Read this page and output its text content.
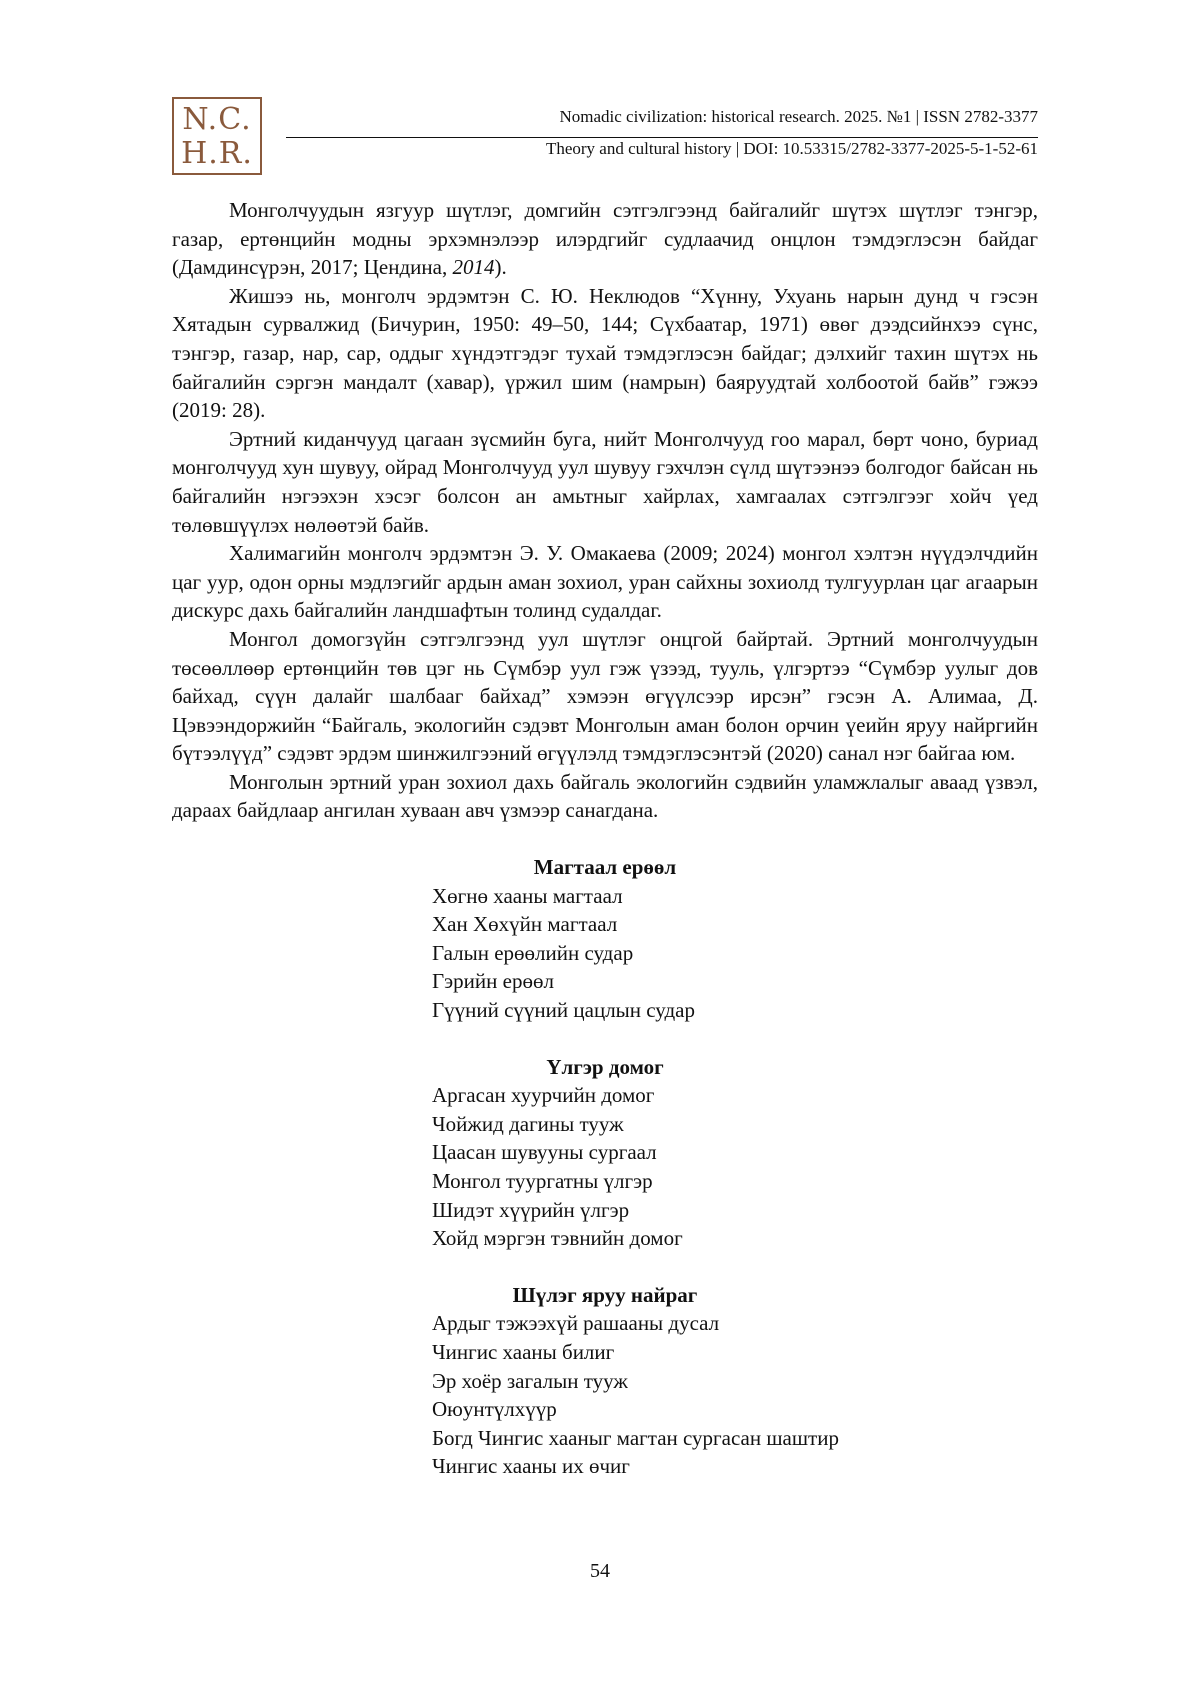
N.C.
H.R.
Nomadic civilization: historical research. 2025. №1 | ISSN 2782-3377
Theory and cultural history | DOI: 10.53315/2782-3377-2025-5-1-52-61

Монголчуудын язгуур шүтлэг, домгийн сэтгэлгээнд байгалийг шүтэх шүтлэг тэнгэр, газар, ертөнцийн модны эрхэмнэлээр илэрдгийг судлаачид онцлон тэмдэглэсэн байдаг (Дамдинсүрэн, 2017; Цендина, 2014).

Жишээ нь, монголч эрдэмтэн С. Ю. Неклюдов “Хүнну, Ухуань нарын дунд ч гэсэн Хятадын сурвалжид (Бичурин, 1950: 49–50, 144; Сүхбаатар, 1971) өвөг дээдсийнхээ сүнс, тэнгэр, газар, нар, сар, оддыг хүндэтгэдэг тухай тэмдэглэсэн байдаг; дэлхийг тахин шүтэх нь байгалийн сэргэн мандалт (хавар), үржил шим (намрын) баяруудтай холбоотой байв” гэжээ (2019: 28).

Эртний киданчууд цагаан зүсмийн буга, нийт Монголчууд гоо марал, бөрт чоно, буриад монголчууд хун шувуу, ойрад Монголчууд уул шувуу гэхчлэн сүлд шүтээнээ болгодог байсан нь байгалийн нэгээхэн хэсэг болсон ан амьтныг хайрлах, хамгаалах сэтгэлгээг хойч үед төлөвшүүлэх нөлөөтэй байв.

Халимагийн монголч эрдэмтэн Э. У. Омакаева (2009; 2024) монгол хэлтэн нүүдэлчдийн цаг уур, одон орны мэдлэгийг ардын аман зохиол, уран сайхны зохиолд тулгуурлан цаг агаарын дискурс дахь байгалийн ландшафтын толинд судалдаг.

Монгол домогзүйн сэтгэлгээнд уул шүтлэг онцгой байртай. Эртний монголчуудын төсөөллөөр ертөнцийн төв цэг нь Сүмбэр уул гэж үзээд, тууль, үлгэртээ “Сүмбэр уулыг дов байхад, сүүн далайг шалбааг байхад” хэмээн өгүүлсээр ирсэн” гэсэн А. Алимаа, Д. Цэвээндоржийн “Байгаль, экологийн сэдэвт Монголын аман болон орчин үеийн яруу найргийн бүтээлүүд” сэдэвт эрдэм шинжилгээний өгүүлэлд тэмдэглэсэнтэй (2020) санал нэг байгаа юм.

Монголын эртний уран зохиол дахь байгаль экологийн сэдвийн уламжлалыг аваад үзвэл, дараах байдлаар ангилан хуваан авч үзмээр санагдана.

Магтаал ерөөл

Хөгнө хааны магтаал
Хан Хөхүйн магтаал
Галын ерөөлийн судар
Гэрийн ерөөл
Гүүний сүүний цацлын судар

Үлгэр домог

Аргасан хуурчийн домог
Чойжид дагины тууж
Цаасан шувууны сургаал
Монгол туургатны үлгэр
Шидэт хүүрийн үлгэр
Хойд мэргэн тэвнийн домог

Шүлэг яруу найраг

Ардыг тэжээхүй рашааны дусал
Чингис хааны билиг
Эр хоёр загалын тууж
Оюунтүлхүүр
Богд Чингис хааныг магтан сургасан шаштир
Чингис хааны их өчиг
54
